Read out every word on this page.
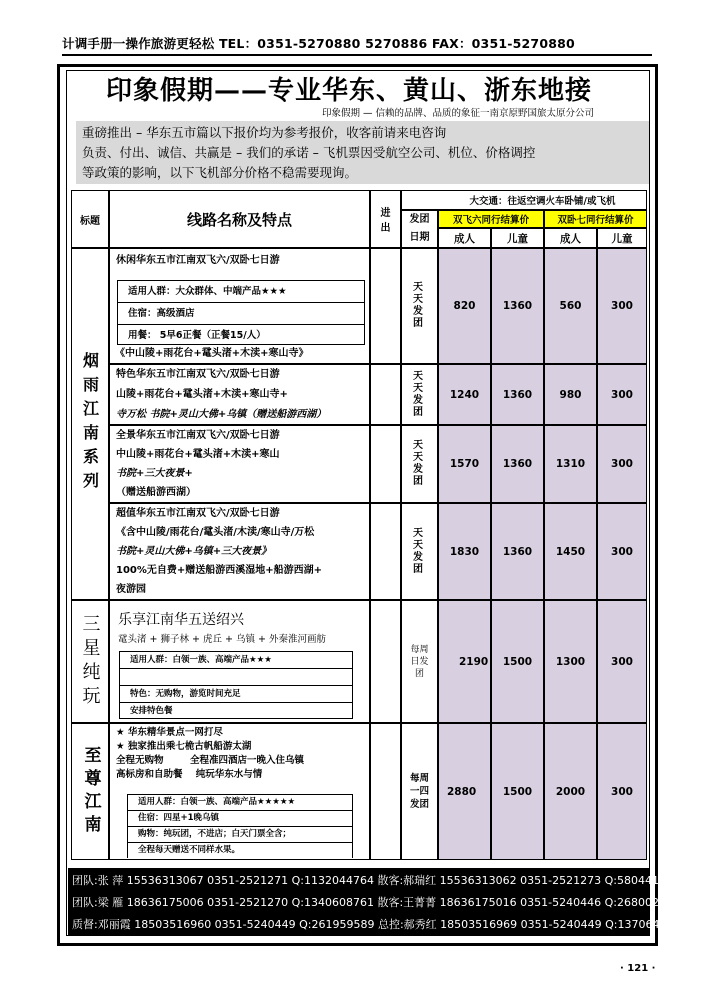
计调手册一操作旅游更轻松 TEL：0351-5270880 5270886 FAX：0351-5270880
印象假期——专业华东、黄山、浙东地接
印象假期 — 信赖的品牌、品质的象征一南京原野国旅太原分公司
重磅推出 – 华东五市篇以下报价均为参考报价，收客前请来电咨询
负责、付出、诚信、共赢是 – 我们的承诺 – 飞机票因受航空公司、机位、价格调控
等政策的影响，以下飞机部分价格不稳需要现询。
标题	线路名称及特点	进出
发团日期
大交通：往返空调火车卧铺/或飞机
双飞六同行结算价	双卧七同行结算价
成人	儿童	成人	儿童
烟雨江南系列
休闲华东五市江南双飞六/双卧七日游
适用人群：大众群体、中端产品★★★
住宿：高级酒店
用餐： 5早6正餐（正餐15/人）
《中山陵+雨花台+鼋头渚+木渎+寒山寺》
天天发团
820	1360	560	300
特色华东五市江南双飞六/双卧七日游
山陵+雨花台+鼋头渚+木渎+寒山寺+
寺万松 书院+灵山大佛+乌镇（赠送船游西湖）
天天发团
1240	1360	980	300
全景华东五市江南双飞六/双卧七日游
中山陵+雨花台+鼋头渚+木渎+寒山
书院+三大夜景+
（赠送船游西湖）
天天发团
1570	1360	1310	300
超值华东五市江南双飞六/双卧七日游
《含中山陵/雨花台/鼋头渚/木渎/寒山寺/万松
书院+灵山大佛+乌镇+三大夜景》
100%无自费+赠送船游西溪湿地+船游西湖+
夜游园
天天发团
1830	1360	1450	300
三星纯玩	乐享江南华五送绍兴
鼋头渚 + 狮子林 + 虎丘 + 乌镇 + 外秦淮河画舫
适用人群：白领一族、高端产品★★★
特色：无购物，游览时间充足
安排特色餐
每周日发团
2190	1500	1300	300
至尊江南
★ 华东精华景点一网打尽
★ 独家推出乘七桅古帆船游太湖
全程无购物        全程准四酒店一晚入住乌镇
高标房和自助餐    纯玩华东水与情
适用人群：白领一族、高端产品★★★★★
住宿：四星+1晚乌镇
购物：纯玩团，不进店；白天门票全含；
全程每天赠送不同样水果。
每周一四发团
2880	1500	2000	300
团队:张 萍 15536313067 0351-2521271 Q:1132044764 散客:郝瑞红 15536313062 0351-2521273 Q:580441442
团队:梁 雁 18636175006 0351-2521270 Q:1340608761 散客:王菁菁 18636175016 0351-5240446 Q:2680027646
质督:邓丽霞 18503516960 0351-5240449 Q:261959589 总控:郝秀红 18503516969 0351-5240449 Q:13706408
· 121 ·
